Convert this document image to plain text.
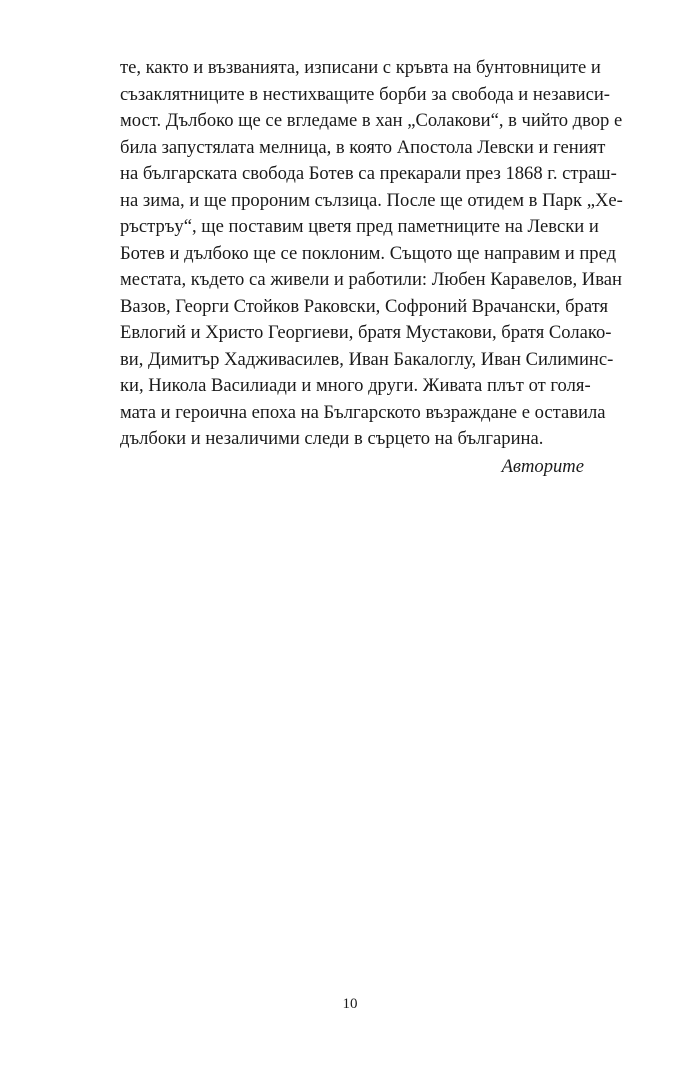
те, както и възванията, изписани с кръвта на бунтовниците и
съзаклятниците в нестихващите борби за свобода и независи-
мост. Дълбоко ще се вгледаме в хан „Солакови“, в чийто двор е
била запустялата мелница, в която Апостола Левски и геният
на българската свобода Ботев са прекарали през 1868 г. страш-
на зима, и ще пророним сълзица. После ще отидем в Парк „Хе-
ръстръу“, ще поставим цветя пред паметниците на Левски и
Ботев и дълбоко ще се поклоним. Същото ще направим и пред
местата, където са живели и работили: Любен Каравелов, Иван
Вазов, Георги Стойков Раковски, Софроний Врачански, братя
Евлогий и Христо Георгиеви, братя Мустакови, братя Солако-
ви, Димитър Хадживасилев, Иван Бакалоглу, Иван Силиминс-
ки, Никола Василиади и много други. Живата плът от голя-
мата и героична епоха на Българското възраждане е оставила
дълбоки и незаличими следи в сърцето на българина.
Авторите
10
